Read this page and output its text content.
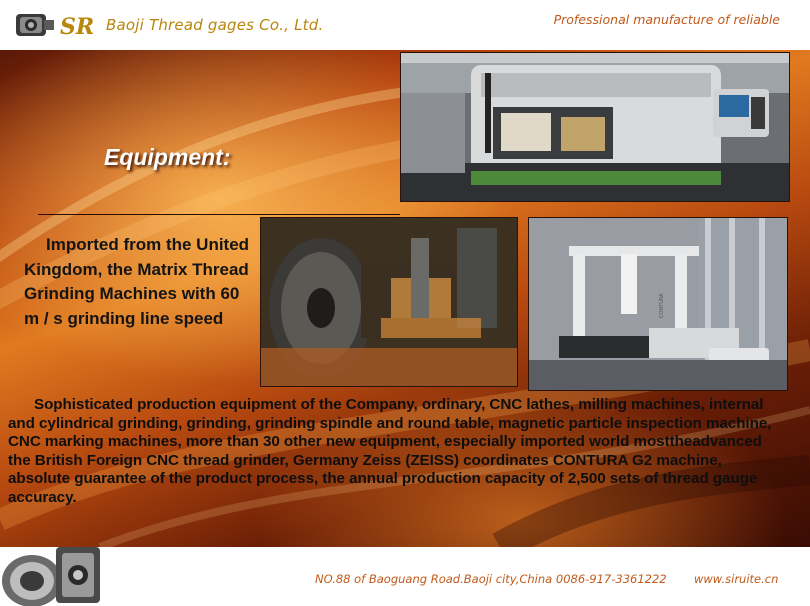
SR Baoji Thread gages Co., Ltd.	Professional manufacture of reliable
Equipment:
Imported from the United Kingdom, the Matrix Thread Grinding Machines with 60 m / s grinding line speed	CONTURA
Sophisticated production equipment of the Company, ordinary, CNC lathes, milling machines, internal and cylindrical grinding, grinding, grinding spindle and round table, magnetic particle inspection machine, CNC marking machines, more than 30 other new equipment, especially imported world mosttheadvanced the British Foreign CNC thread grinder, Germany Zeiss (ZEISS) coordinates CONTURA G2 machine, absolute guarantee of the product process, the annual production capacity of 2,500 sets of thread gauge accuracy.
NO.88 of Baoguang Road.Baoji city,China 0086-917-3361222 www.siruite.cn
